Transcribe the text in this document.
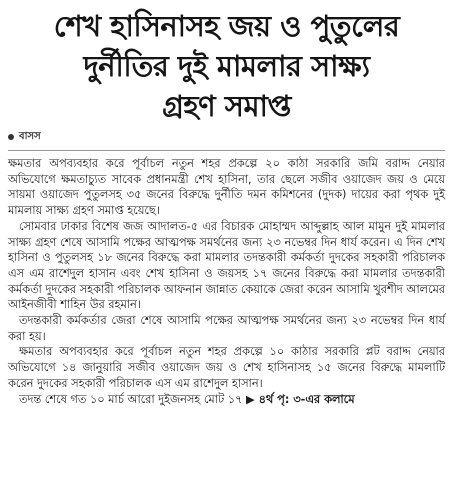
শেখ হাসিনাসহ জয় ও পুতুলের
দুর্নীতির দুই মামলার সাক্ষ্য
গ্রহণ সমাপ্ত
বাসস

ক্ষমতার অপব্যবহার করে পূর্বাচল নতুন শহর প্রকল্পে ২০ কাঠা সরকারি জমি বরাদ্দ নেয়ার অভিযোগে ক্ষমতাচ্যুত সাবেক প্রধানমন্ত্রী শেখ হাসিনা, তার ছেলে সজীব ওয়াজেদ জয় ও মেয়ে সায়মা ওয়াজেদ পুতুলসহ ৩৫ জনের বিরুদ্ধে দুর্নীতি দমন কমিশনের (দুদক) দায়ের করা পৃথক দুই মামলায় সাক্ষ্য গ্রহণ সমাপ্ত হয়েছে।

সোমবার ঢাকার বিশেষ জজ আদালত-৫ এর বিচারক মোহাম্মদ আব্দুল্লাহ আল মামুন দুই মামলার সাক্ষ্য গ্রহণ শেষে আসামি পক্ষের আত্মপক্ষ সমর্থনের জন্য ২৩ নভেম্বর দিন ধার্য করেন। এ দিন শেখ হাসিনা ও পুতুলসহ ১৮ জনের বিরুদ্ধে করা মামলার তদন্তকারী কর্মকর্তা দুদকের সহকারী পরিচালক এস এম রাশেদুল হাসান এবং শেখ হাসিনা ও জয়সহ ১৭ জনের বিরুদ্ধে করা মামলার তদন্তকারী কর্মকর্তা দুদকের সহকারী পরিচালক আফনান জান্নাত কেয়াকে জেরা করেন আসামি খুরশীদ আলমের আইনজীবী শাহিন উর রহমান।

তদন্তকারী কর্মকর্তার জেরা শেষে আসামি পক্ষের আত্মপক্ষ সমর্থনের জন্য ২৩ নভেম্বর দিন ধার্য করা হয়।

ক্ষমতার অপব্যবহার করে পূর্বাচল নতুন শহর প্রকল্পে ১০ কাঠার সরকারি প্লট বরাদ্দ নেয়ার অভিযোগে ১৪ জানুয়ারি সজীব ওয়াজেদ জয় ও শেখ হাসিনাসহ ১৫ জনের বিরুদ্ধে মামলাটি করেন দুদকের সহকারী পরিচালক এস এম রাশেদুল হাসান।

তদন্ত শেষে গত ১০ মার্চ আরো দুইজনসহ মোট ১৭ ▶ ৪র্থ পৃ: ৩-এর কলামে
